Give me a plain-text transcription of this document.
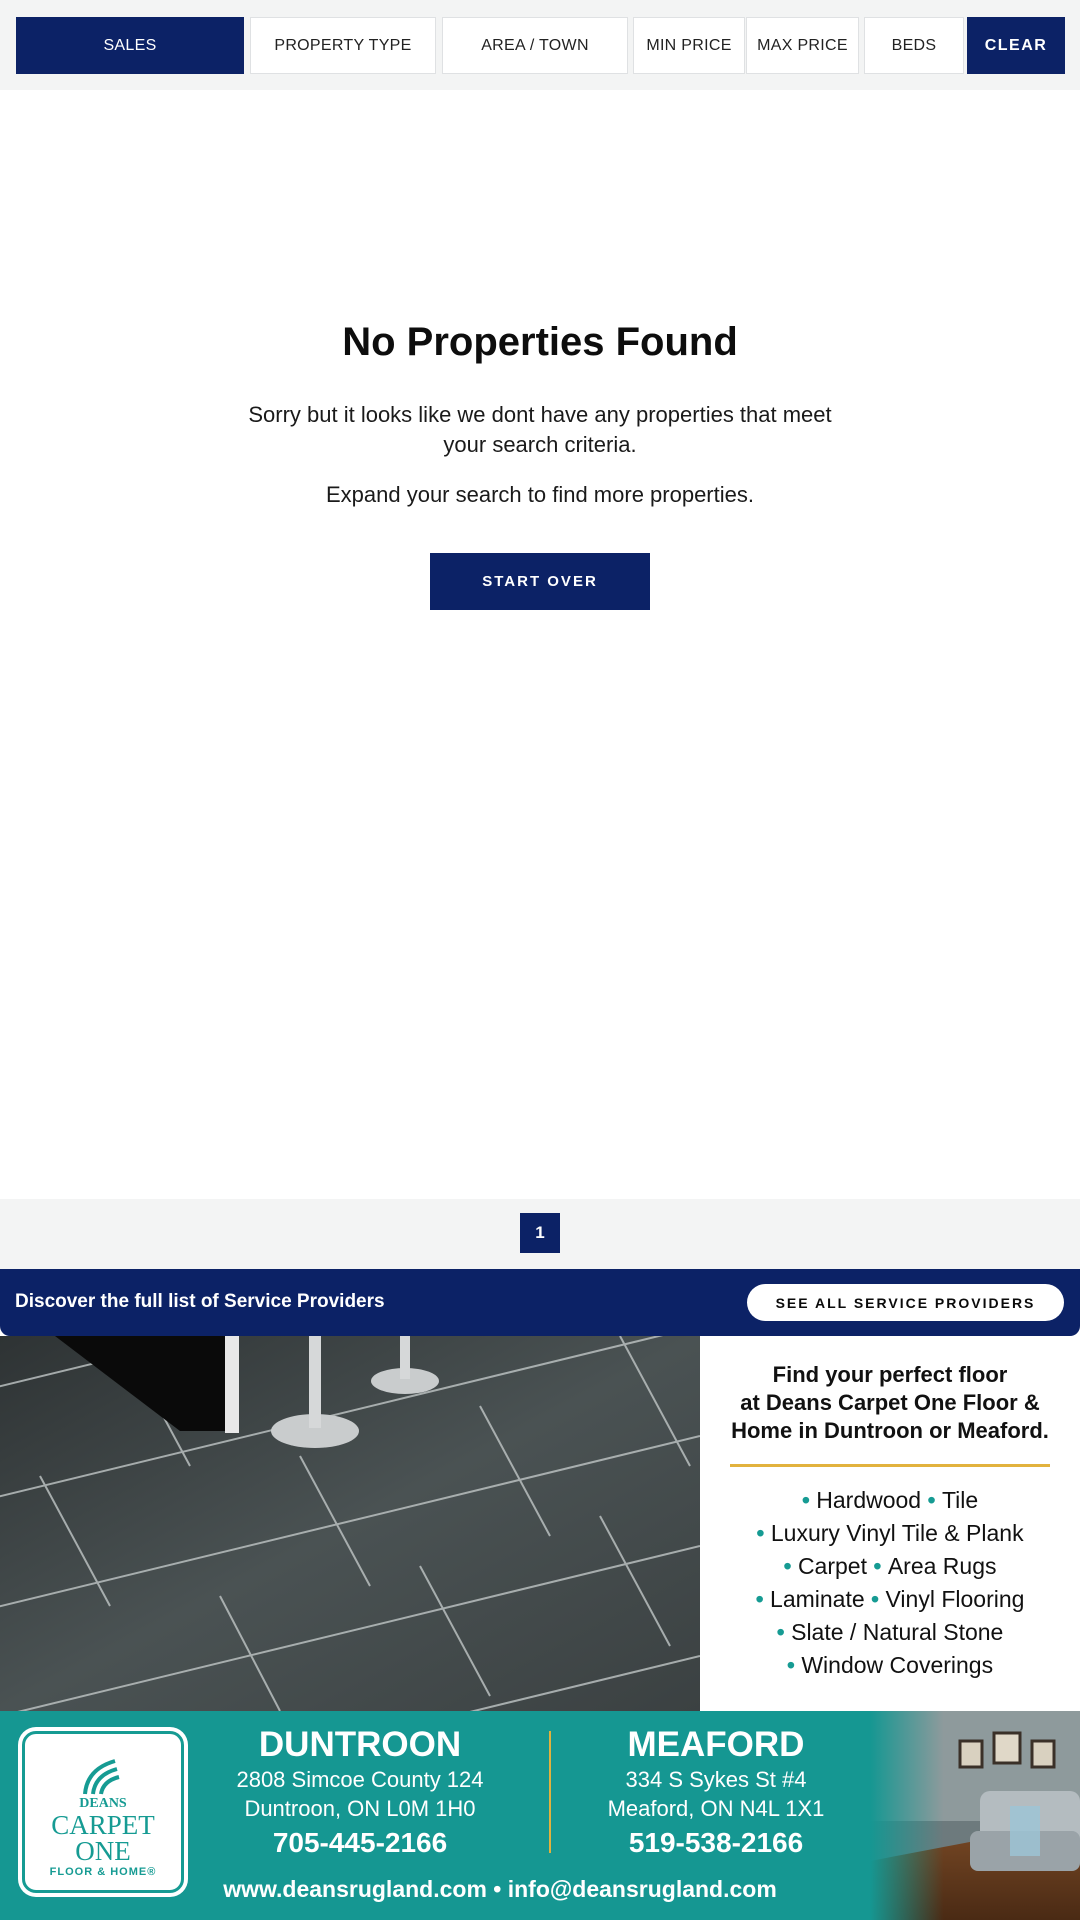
SALES	PROPERTY TYPE	AREA / TOWN	MIN PRICE	MAX PRICE	BEDS	CLEAR
No Properties Found
Sorry but it looks like we dont have any properties that meet your search criteria.
Expand your search to find more properties.
START OVER
1
Discover the full list of Service Providers	SEE ALL SERVICE PROVIDERS
Find your perfect floor
at Deans Carpet One Floor &
Home in Duntroon or Meaford.
• Hardwood • Tile
• Luxury Vinyl Tile & Plank
• Carpet • Area Rugs
• Laminate • Vinyl Flooring
• Slate / Natural Stone
• Window Coverings
DEANS
CARPET
ONE
FLOOR & HOME®
DUNTROON
2808 Simcoe County 124
Duntroon, ON L0M 1H0
705-445-2166
MEAFORD
334 S Sykes St #4
Meaford, ON N4L 1X1
519-538-2166
www.deansrugland.com • info@deansrugland.com
